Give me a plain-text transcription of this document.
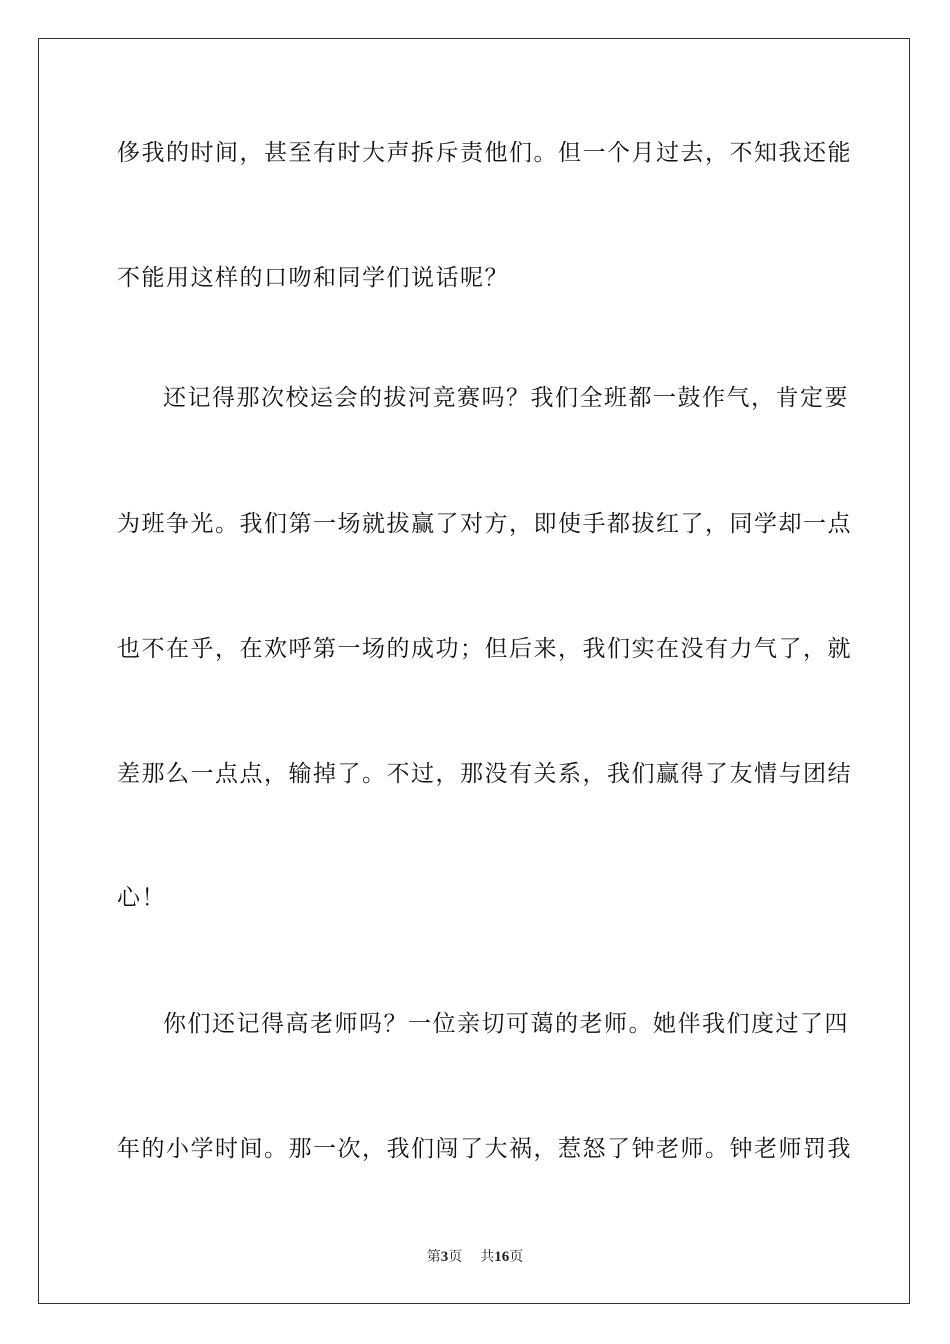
侈我的时间，甚至有时大声拆斥责他们。但一个月过去，不知我还能
不能用这样的口吻和同学们说话呢？
还记得那次校运会的拔河竞赛吗？我们全班都一鼓作气，肯定要
为班争光。我们第一场就拔赢了对方，即使手都拔红了，同学却一点
也不在乎，在欢呼第一场的成功；但后来，我们实在没有力气了，就
差那么一点点，输掉了。不过，那没有关系，我们赢得了友情与团结
心！
你们还记得高老师吗？一位亲切可蔼的老师。她伴我们度过了四
年的小学时间。那一次，我们闯了大祸，惹怒了钟老师。钟老师罚我
第3页 共16页
